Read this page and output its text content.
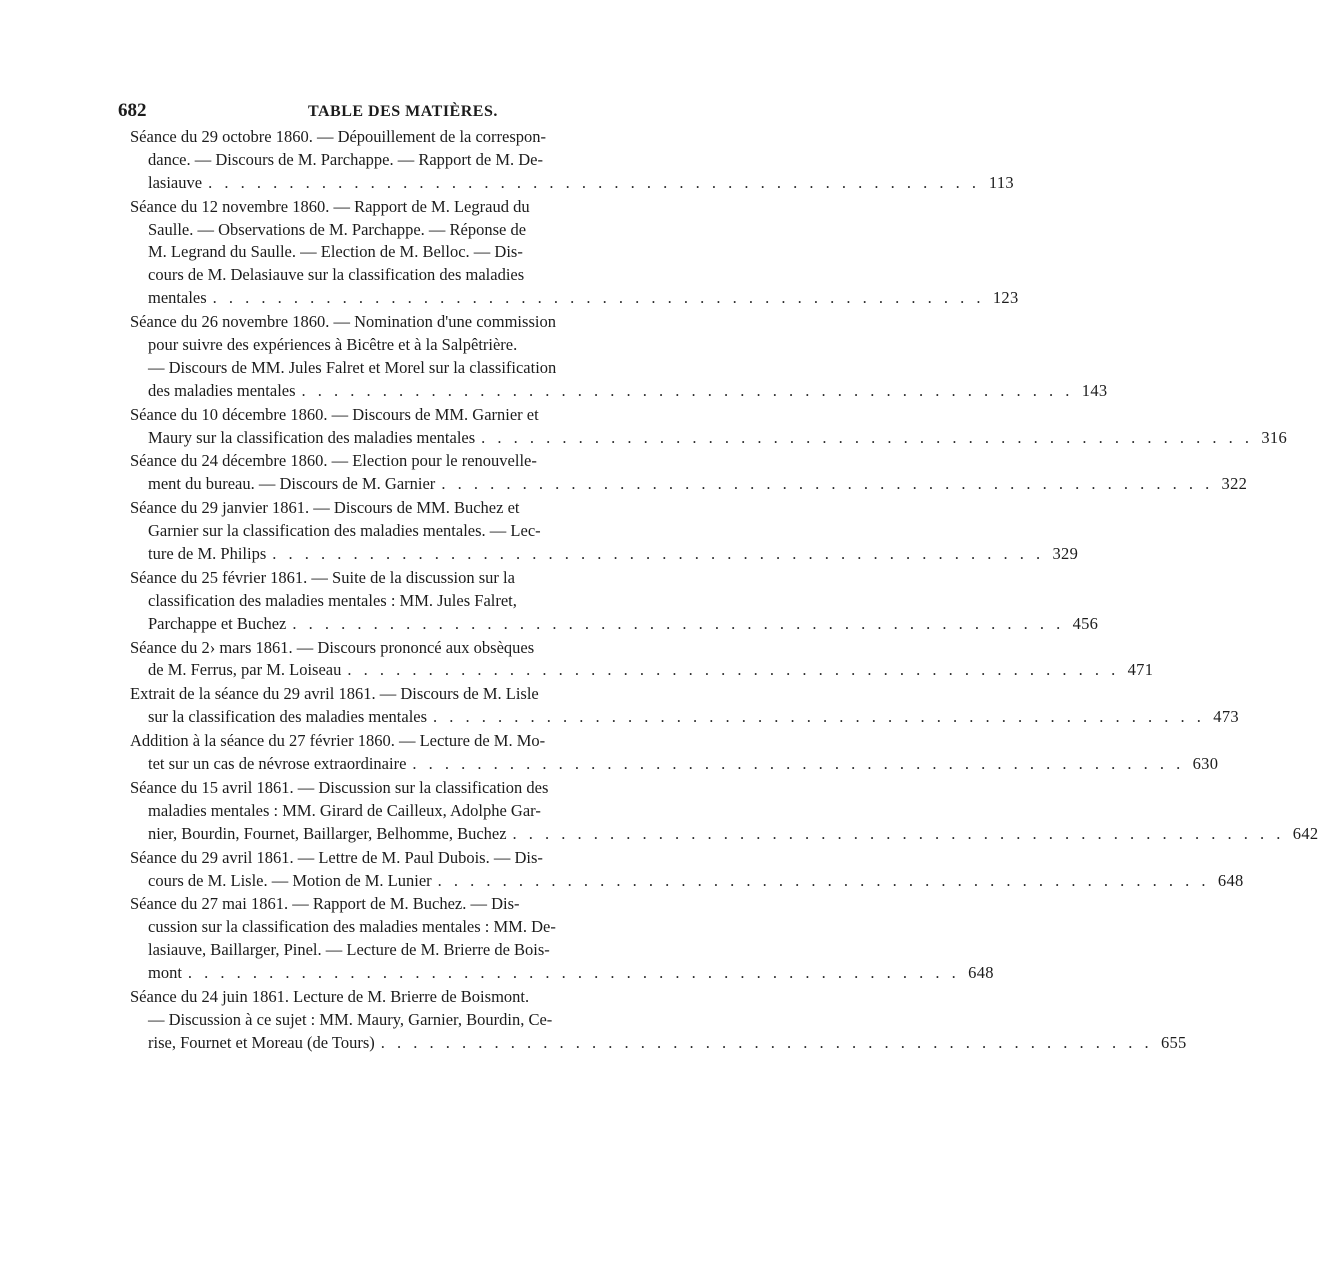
682	TABLE DES MATIÈRES.
Séance du 29 octobre 1860. — Dépouillement de la correspon-
dance. — Discours de M. Parchappe. — Rapport de M. De-
lasiauve . . . . . . . . . . . . . . . . . . . . . . . . . . . . . . . . . . . . . . . . . . . . . . . . 113
Séance du 12 novembre 1860. — Rapport de M. Legraud du
Saulle. — Observations de M. Parchappe. — Réponse de
M. Legrand du Saulle. — Election de M. Belloc. — Dis-
cours de M. Delasiauve sur la classification des maladies
mentales . . . . . . . . . . . . . . . . . . . . . . . . . . . . . . . . . . . . . . . . . . . . . . . . 123
Séance du 26 novembre 1860. — Nomination d'une commission
pour suivre des expériences à Bicêtre et à la Salpêtrière.
— Discours de MM. Jules Falret et Morel sur la classification
des maladies mentales . . . . . . . . . . . . . . . . . . . . . . . . . . . . . . . . . . . . . . . . . . . . . . . . 143
Séance du 10 décembre 1860. — Discours de MM. Garnier et
Maury sur la classification des maladies mentales . . . . . . . . . . . . . . . . . . . . . . . . . . . . . . . . . . . . . . . . . . . . . . . . 316
Séance du 24 décembre 1860. — Election pour le renouvelle-
ment du bureau. — Discours de M. Garnier . . . . . . . . . . . . . . . . . . . . . . . . . . . . . . . . . . . . . . . . . . . . . . . . 322
Séance du 29 janvier 1861. — Discours de MM. Buchez et
Garnier sur la classification des maladies mentales. — Lec-
ture de M. Philips . . . . . . . . . . . . . . . . . . . . . . . . . . . . . . . . . . . . . . . . . . . . . . . . 329
Séance du 25 février 1861. — Suite de la discussion sur la
classification des maladies mentales : MM. Jules Falret,
Parchappe et Buchez . . . . . . . . . . . . . . . . . . . . . . . . . . . . . . . . . . . . . . . . . . . . . . . . 456
Séance du 2› mars 1861. — Discours prononcé aux obsèques
de M. Ferrus, par M. Loiseau . . . . . . . . . . . . . . . . . . . . . . . . . . . . . . . . . . . . . . . . . . . . . . . . 471
Extrait de la séance du 29 avril 1861. — Discours de M. Lisle
sur la classification des maladies mentales . . . . . . . . . . . . . . . . . . . . . . . . . . . . . . . . . . . . . . . . . . . . . . . . 473
Addition à la séance du 27 février 1860. — Lecture de M. Mo-
tet sur un cas de névrose extraordinaire . . . . . . . . . . . . . . . . . . . . . . . . . . . . . . . . . . . . . . . . . . . . . . . . 630
Séance du 15 avril 1861. — Discussion sur la classification des
maladies mentales : MM. Girard de Cailleux, Adolphe Gar-
nier, Bourdin, Fournet, Baillarger, Belhomme, Buchez . . . . . . . . . . . . . . . . . . . . . . . . . . . . . . . . . . . . . . . . . . . . . . . . 642
Séance du 29 avril 1861. — Lettre de M. Paul Dubois. — Dis-
cours de M. Lisle. — Motion de M. Lunier . . . . . . . . . . . . . . . . . . . . . . . . . . . . . . . . . . . . . . . . . . . . . . . . 648
Séance du 27 mai 1861. — Rapport de M. Buchez. — Dis-
cussion sur la classification des maladies mentales : MM. De-
lasiauve, Baillarger, Pinel. — Lecture de M. Brierre de Bois-
mont . . . . . . . . . . . . . . . . . . . . . . . . . . . . . . . . . . . . . . . . . . . . . . . . 648
Séance du 24 juin 1861. Lecture de M. Brierre de Boismont.
— Discussion à ce sujet : MM. Maury, Garnier, Bourdin, Ce-
rise, Fournet et Moreau (de Tours) . . . . . . . . . . . . . . . . . . . . . . . . . . . . . . . . . . . . . . . . . . . . . . . . 655
